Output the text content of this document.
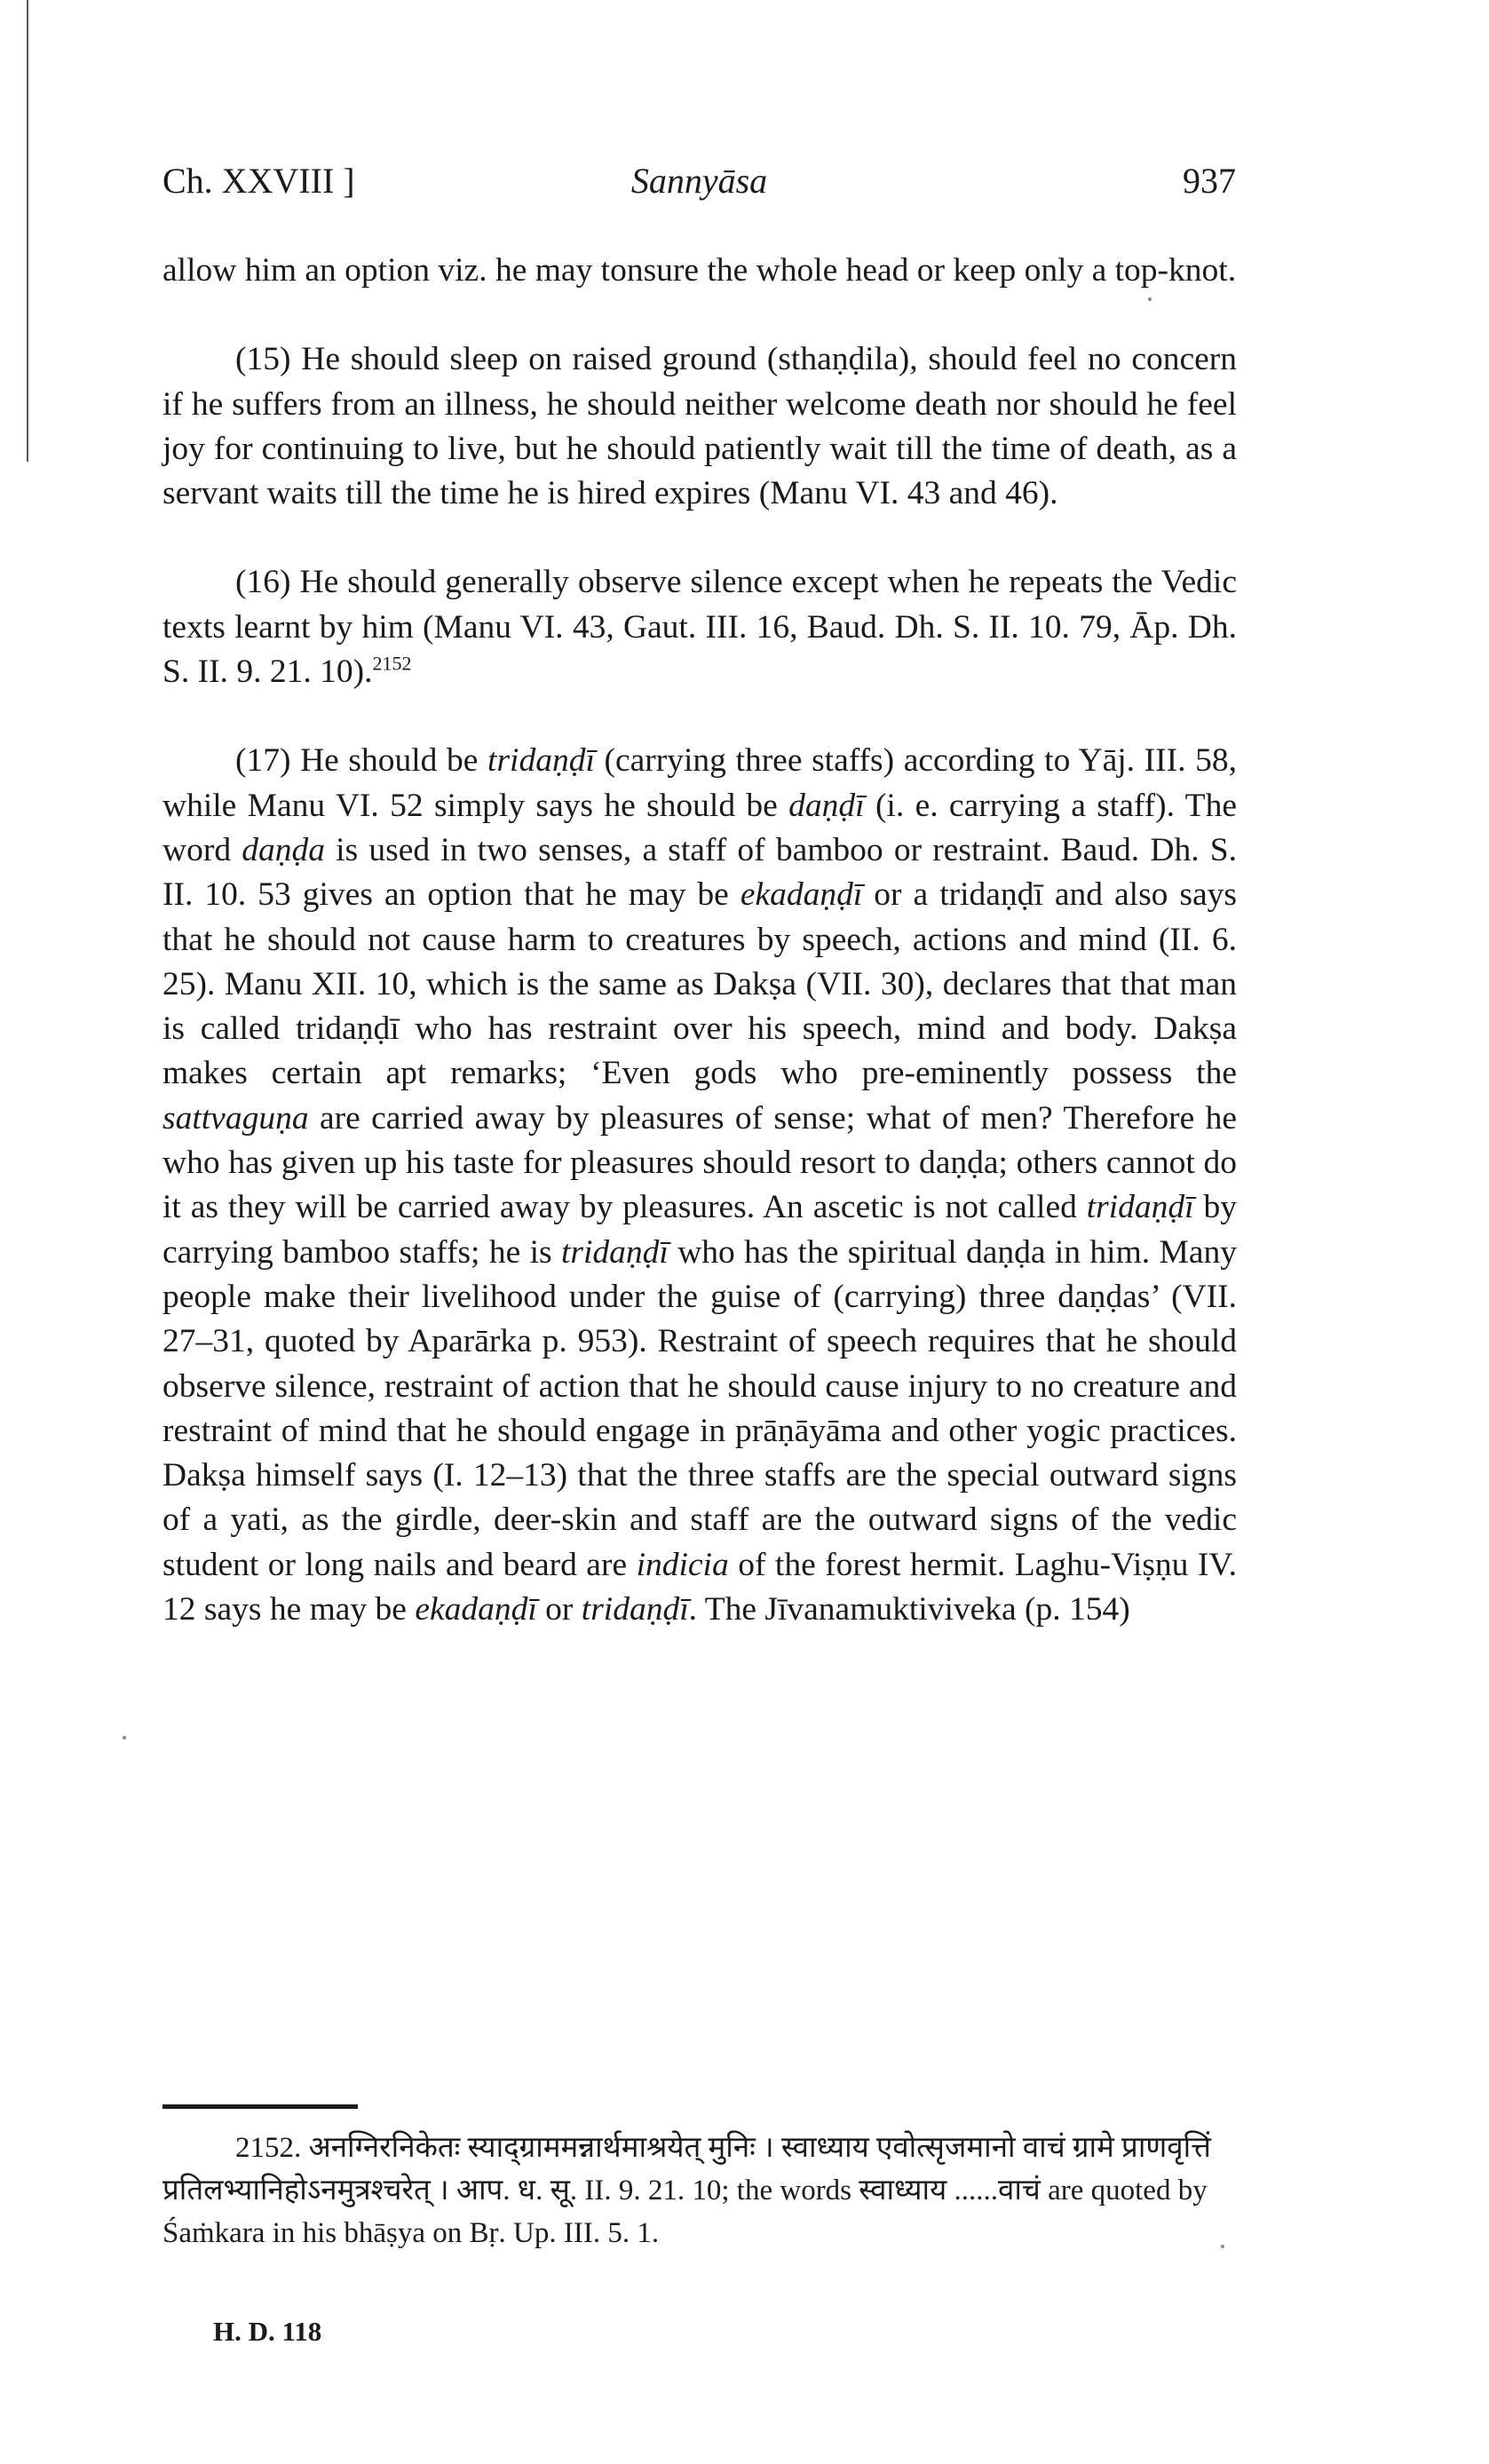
Ch. XXVIII ]	Sannyāsa	937

allow him an option viz. he may tonsure the whole head or keep only a top-knot.

(15) He should sleep on raised ground (sthaṇḍila), should feel no concern if he suffers from an illness, he should neither welcome death nor should he feel joy for continuing to live, but he should patiently wait till the time of death, as a servant waits till the time he is hired expires (Manu VI. 43 and 46).

(16) He should generally observe silence except when he repeats the Vedic texts learnt by him (Manu VI. 43, Gaut. III. 16, Baud. Dh. S. II. 10. 79, Āp. Dh. S. II. 9. 21. 10).$^{2152}$

(17) He should be tridaṇḍī (carrying three staffs) according to Yāj. III. 58, while Manu VI. 52 simply says he should be daṇḍī (i. e. carrying a staff). The word daṇḍa is used in two senses, a staff of bamboo or restraint. Baud. Dh. S. II. 10. 53 gives an option that he may be ekadaṇḍī or a tridaṇḍī and also says that he should not cause harm to creatures by speech, actions and mind (II. 6. 25). Manu XII. 10, which is the same as Dakṣa (VII. 30), declares that that man is called tridaṇḍī who has restraint over his speech, mind and body. Dakṣa makes certain apt remarks; ‘Even gods who pre-eminently possess the sattvaguṇa are carried away by pleasures of sense; what of men? Therefore he who has given up his taste for pleasures should resort to daṇḍa; others cannot do it as they will be carried away by pleasures. An ascetic is not called tridaṇḍī by carrying bamboo staffs; he is tridaṇḍī who has the spiritual daṇḍa in him. Many people make their livelihood under the guise of (carrying) three daṇḍas’ (VII. 27–31, quoted by Aparārka p. 953). Restraint of speech requires that he should observe silence, restraint of action that he should cause injury to no creature and restraint of mind that he should engage in prāṇāyāma and other yogic practices. Dakṣa himself says (I. 12–13) that the three staffs are the special outward signs of a yati, as the girdle, deer-skin and staff are the outward signs of the vedic student or long nails and beard are indicia of the forest hermit. Laghu-Viṣṇu IV. 12 says he may be ekadaṇḍī or tridaṇḍī. The Jīvanamuktiviveka (p. 154)

2152. अनग्निरनिकेतः स्याद्ग्राममन्नार्थमाश्रयेत् मुनिः । स्वाध्याय एवोत्सृजमानो वाचं ग्रामे प्राणवृत्तिं प्रतिलभ्यानिहोऽनमुत्रश्चरेत् । आप. ध. सू. II. 9. 21. 10; the words स्वाध्याय ......वाचं are quoted by Śaṁkara in his bhāṣya on Bṛ. Up. III. 5. 1.

H. D. 118
